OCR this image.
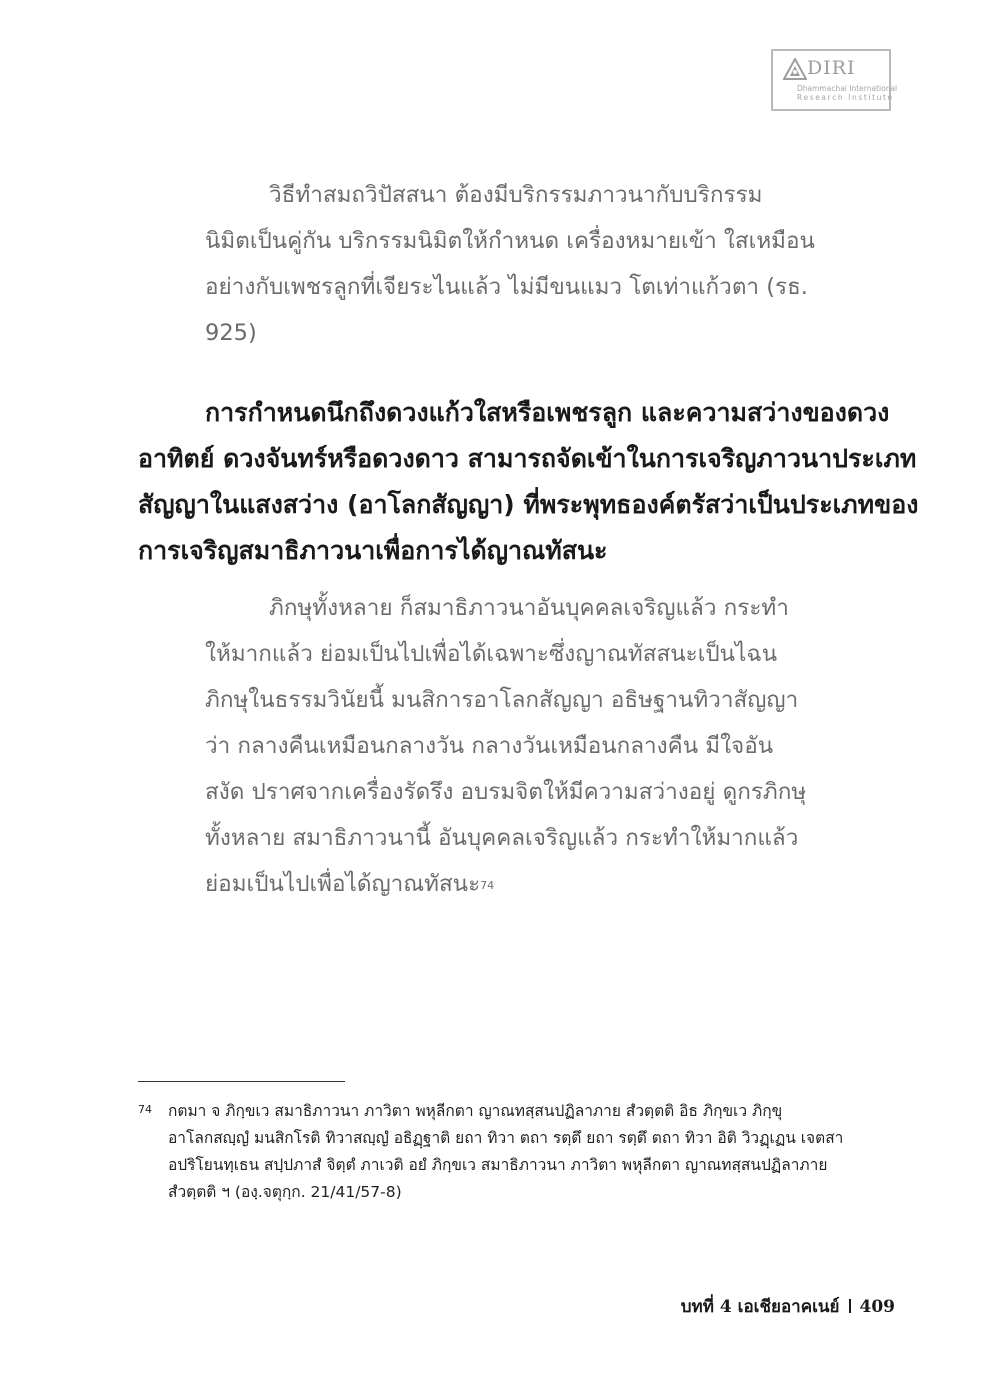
DIRI
Dhammachai International
Research Institute
วิธีทำสมถวิปัสสนา ต้องมีบริกรรมภาวนากับบริกรรม
นิมิตเป็นคู่กัน บริกรรมนิมิตให้กำหนด เครื่องหมายเข้า ใสเหมือน
อย่างกับเพชรลูกที่เจียระไนแล้ว ไม่มีขนแมว โตเท่าแก้วตา (รธ.
925)
การกำหนดนึกถึงดวงแก้วใสหรือเพชรลูก และความสว่างของดวง
อาทิตย์ ดวงจันทร์หรือดวงดาว สามารถจัดเข้าในการเจริญภาวนาประเภท
สัญญาในแสงสว่าง (อาโลกสัญญา) ที่พระพุทธองค์ตรัสว่าเป็นประเภทของ
การเจริญสมาธิภาวนาเพื่อการได้ญาณทัสนะ
ภิกษุทั้งหลาย ก็สมาธิภาวนาอันบุคคลเจริญแล้ว กระทำ
ให้มากแล้ว ย่อมเป็นไปเพื่อได้เฉพาะซึ่งญาณทัสสนะเป็นไฉน
ภิกษุในธรรมวินัยนี้ มนสิการอาโลกสัญญา อธิษฐานทิวาสัญญา
ว่า กลางคืนเหมือนกลางวัน กลางวันเหมือนกลางคืน มีใจอัน
สงัด ปราศจากเครื่องรัดรึง อบรมจิตให้มีความสว่างอยู่ ดูกรภิกษุ
ทั้งหลาย สมาธิภาวนานี้ อันบุคคลเจริญแล้ว กระทำให้มากแล้ว
ย่อมเป็นไปเพื่อได้ญาณทัสนะ$^{74}$
74 กตมา จ ภิกฺขเว สมาธิภาวนา ภาวิตา พหุลีกตา ญาณทสฺสนปฏิลาภาย สํวตฺตติ อิธ ภิกฺขเว ภิกฺขุ
อาโลกสญฺญํ มนสิกโรติ ทิวาสญฺญํ อธิฏฺฐาติ ยถา ทิวา ตถา รตฺตึ ยถา รตฺตึ ตถา ทิวา อิติ วิวฏฺเฏน เจตสา
อปริโยนทฺเธน สปฺปภาสํ จิตฺตํ ภาเวติ อยํ ภิกฺขเว สมาธิภาวนา ภาวิตา พหุลีกตา ญาณทสฺสนปฏิลาภาย
สํวตฺตติ ฯ (องฺ.จตุกฺก. 21/41/57-8)
บทที่ 4 เอเชียอาคเนย์ 409
